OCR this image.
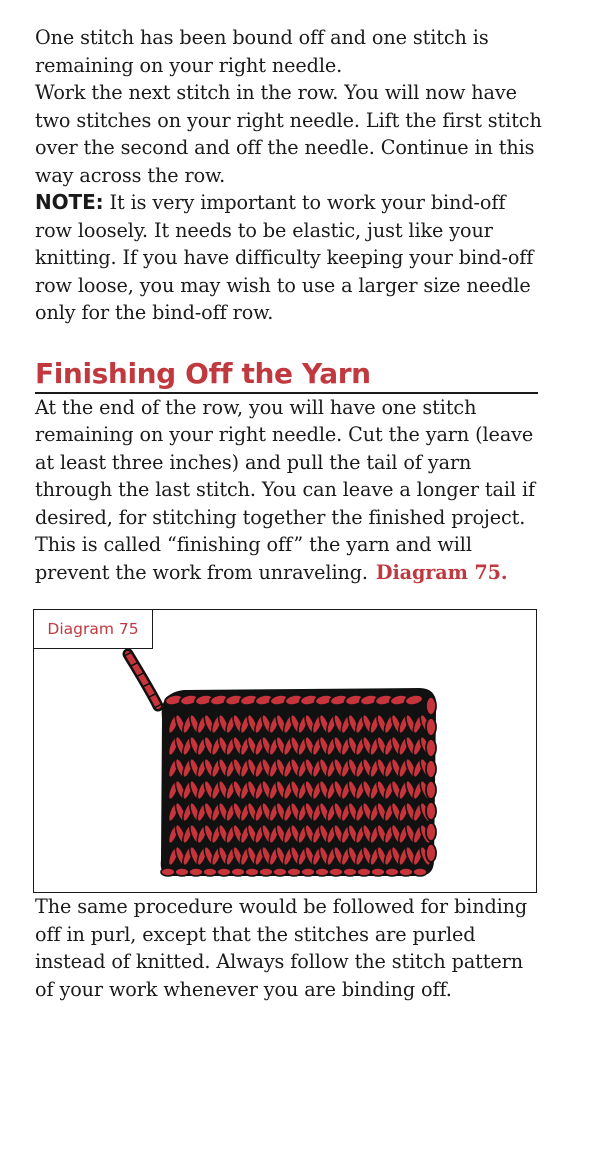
One stitch has been bound off and one stitch is remaining on your right needle.

Work the next stitch in the row. You will now have two stitches on your right needle. Lift the first stitch over the second and off the needle. Continue in this way across the row.

NOTE: It is very important to work your bind-off row loosely. It needs to be elastic, just like your knitting. If you have difficulty keeping your bind-off row loose, you may wish to use a larger size needle only for the bind-off row.

Finishing Off the Yarn

At the end of the row, you will have one stitch remaining on your right needle. Cut the yarn (leave at least three inches) and pull the tail of yarn through the last stitch. You can leave a longer tail if desired, for stitching together the finished project. This is called “finishing off” the yarn and will prevent the work from unraveling. Diagram 75.

Diagram 75

The same procedure would be followed for binding off in purl, except that the stitches are purled instead of knitted. Always follow the stitch pattern of your work whenever you are binding off.
